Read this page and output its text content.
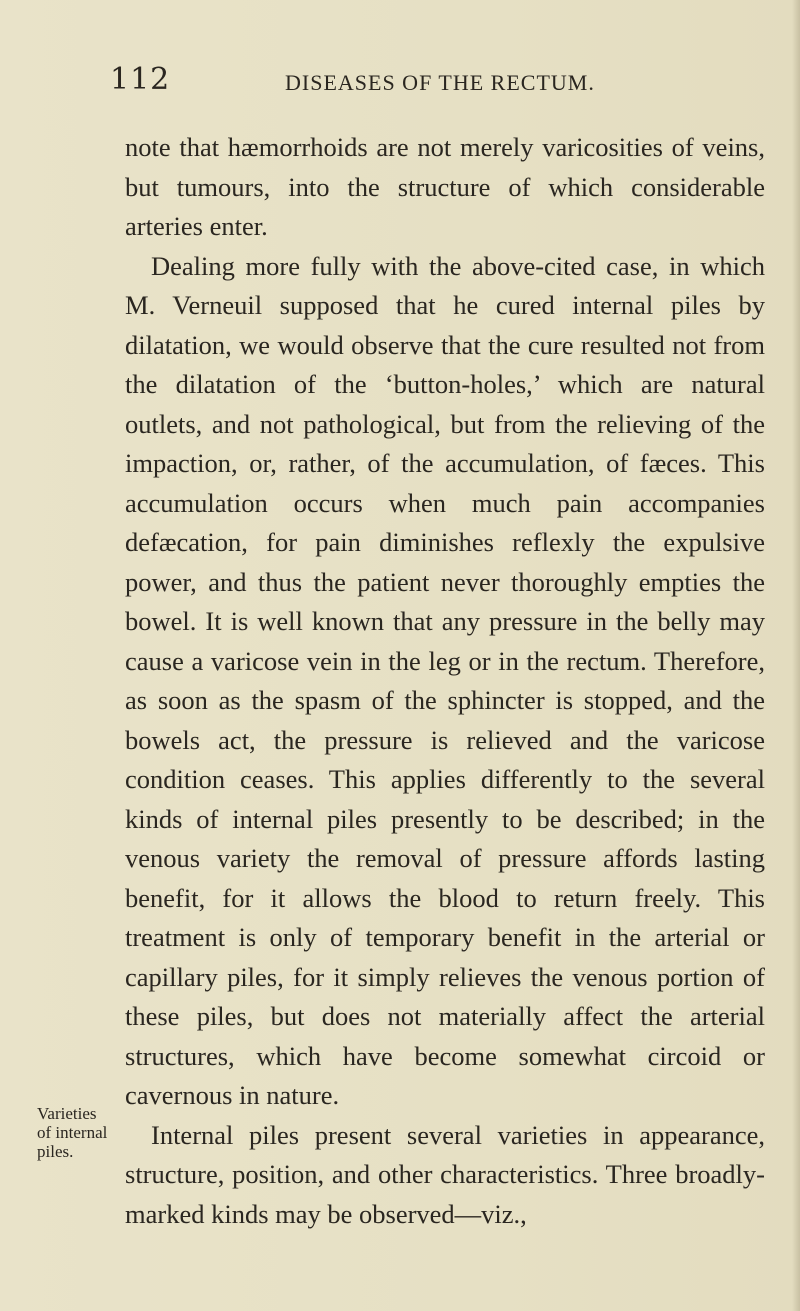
112	DISEASES OF THE RECTUM.

note that hæmorrhoids are not merely varicosities of veins, but tumours, into the structure of which considerable arteries enter.

Dealing more fully with the above-cited case, in which M. Verneuil supposed that he cured internal piles by dilatation, we would observe that the cure resulted not from the dilatation of the ‘button-holes,’ which are natural outlets, and not pathological, but from the relieving of the impaction, or, rather, of the accumulation, of fæces. This accumulation occurs when much pain accompanies defæcation, for pain diminishes reflexly the expulsive power, and thus the patient never thoroughly empties the bowel. It is well known that any pressure in the belly may cause a varicose vein in the leg or in the rectum. Therefore, as soon as the spasm of the sphincter is stopped, and the bowels act, the pressure is relieved and the varicose condition ceases. This applies differently to the several kinds of internal piles presently to be described; in the venous variety the removal of pressure affords lasting benefit, for it allows the blood to return freely. This treatment is only of temporary benefit in the arterial or capillary piles, for it simply relieves the venous portion of these piles, but does not materially affect the arterial structures, which have become somewhat circoid or cavernous in nature.

Internal piles present several varieties in appearance, structure, position, and other characteristics. Three broadly-marked kinds may be observed—viz.,

Varieties
of internal
piles.
